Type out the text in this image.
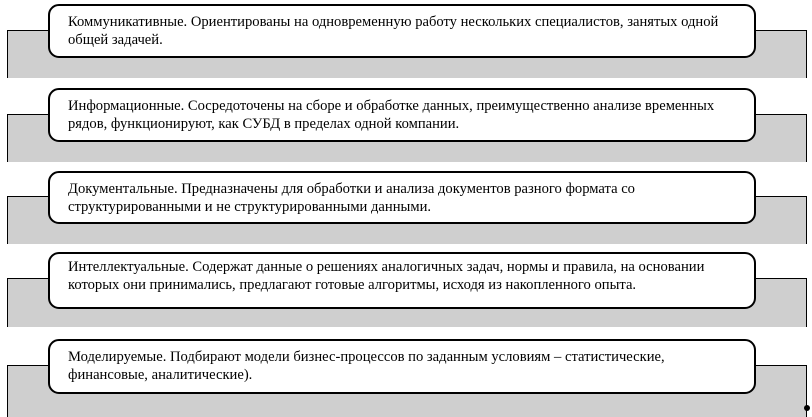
Коммуникативные. Ориентированы на одновременную работу нескольких специалистов, занятых одной общей задачей.
Информационные. Сосредоточены на сборе и обработке данных, преимущественно анализе временных рядов, функционируют, как СУБД в пределах одной компании.
Документальные. Предназначены для обработки и анализа документов разного формата со структурированными и не структурированными данными.
Интеллектуальные. Содержат данные о решениях аналогичных задач, нормы и правила, на основании которых они принимались, предлагают готовые алгоритмы, исходя из накопленного опыта.
Моделируемые. Подбирают модели бизнес-процессов по заданным условиям – статистические, финансовые, аналитические).
